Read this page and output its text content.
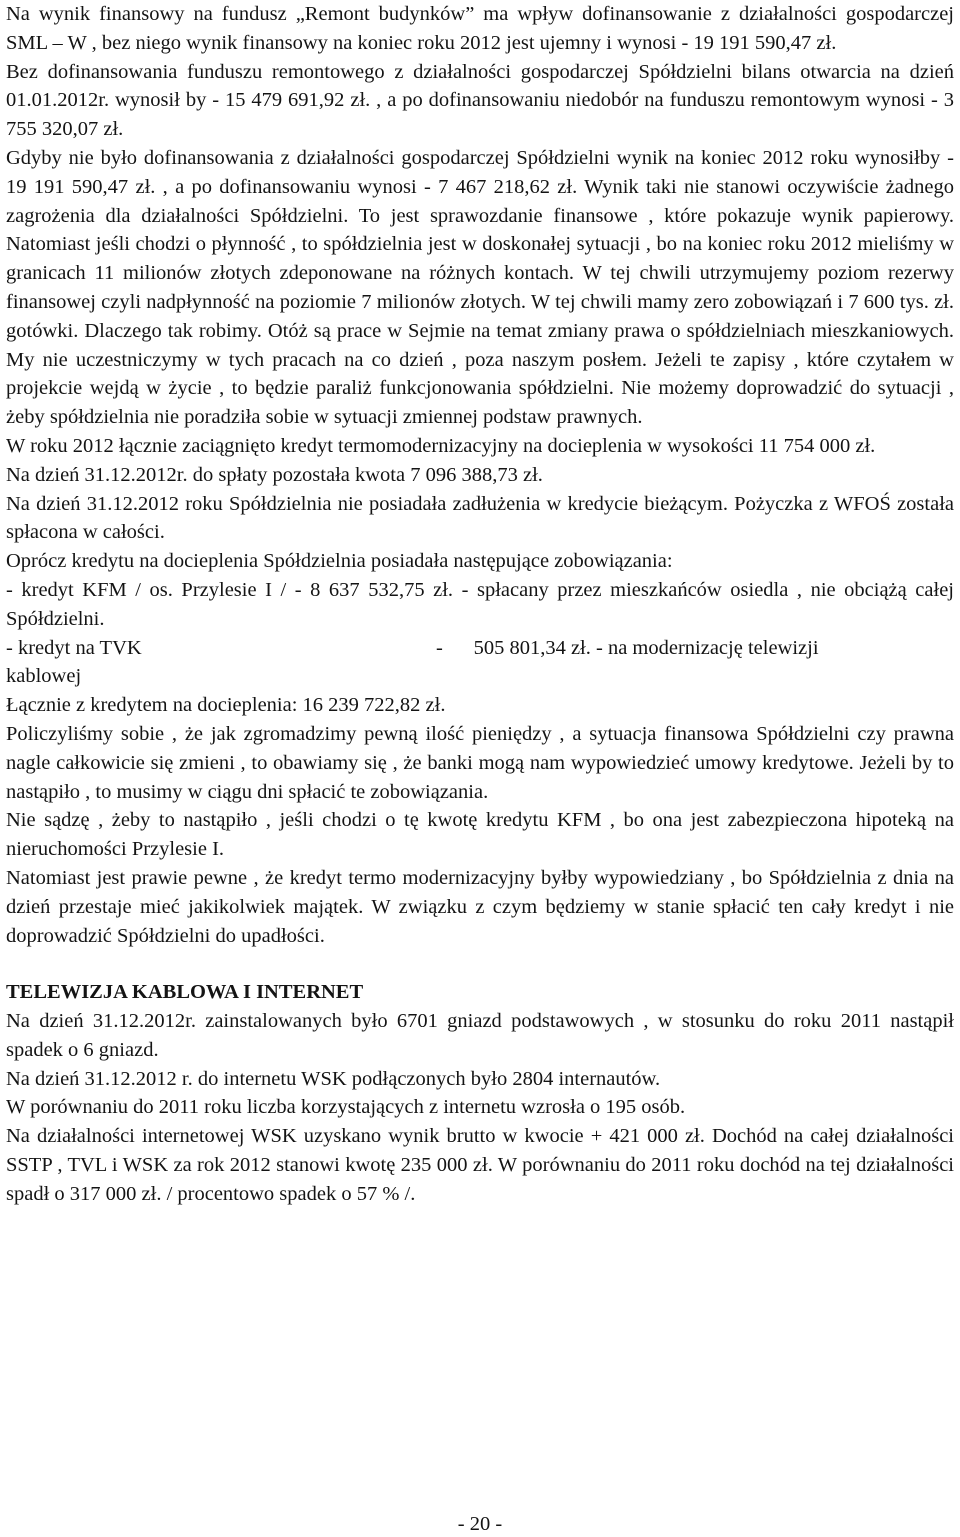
Na wynik finansowy na fundusz „Remont budynków” ma wpływ dofinansowanie z działalności gospodarczej SML – W , bez niego wynik finansowy na koniec roku 2012 jest ujemny i wynosi - 19 191 590,47 zł.

Bez dofinansowania funduszu remontowego z działalności gospodarczej Spółdzielni bilans otwarcia na dzień 01.01.2012r. wynosił by - 15 479 691,92 zł. , a po dofinansowaniu niedobór na funduszu remontowym wynosi - 3 755 320,07 zł.

Gdyby nie było dofinansowania z działalności gospodarczej Spółdzielni wynik na koniec 2012 roku wynosiłby - 19 191 590,47 zł. , a po dofinansowaniu wynosi - 7 467 218,62 zł. Wynik taki nie stanowi oczywiście żadnego zagrożenia dla działalności Spółdzielni. To jest sprawozdanie finansowe , które pokazuje wynik papierowy. Natomiast jeśli chodzi o płynność , to spółdzielnia jest w doskonałej sytuacji , bo na koniec roku 2012 mieliśmy w granicach 11 milionów złotych zdeponowane na różnych kontach. W tej chwili utrzymujemy poziom rezerwy finansowej czyli nadpłynność na poziomie 7 milionów złotych. W tej chwili mamy zero zobowiązań i 7 600 tys. zł. gotówki. Dlaczego tak robimy. Otóż są prace w Sejmie na temat zmiany prawa o spółdzielniach mieszkaniowych. My nie uczestniczymy w tych pracach na co dzień , poza naszym posłem. Jeżeli te zapisy , które czytałem w projekcie wejdą w życie , to będzie paraliż funkcjonowania spółdzielni. Nie możemy doprowadzić do sytuacji , żeby spółdzielnia nie poradziła sobie w sytuacji zmiennej podstaw prawnych.

W roku 2012 łącznie zaciągnięto kredyt termomodernizacyjny na docieplenia w wysokości 11 754 000 zł.

Na dzień 31.12.2012r. do spłaty pozostała kwota 7 096 388,73 zł.

Na dzień 31.12.2012 roku Spółdzielnia nie posiadała zadłużenia w kredycie bieżącym. Pożyczka z WFOŚ została spłacona w całości.

Oprócz kredytu na docieplenia Spółdzielnia posiadała następujące zobowiązania:

- kredyt KFM / os. Przylesie I / - 8 637 532,75 zł. - spłacany przez mieszkańców osiedla , nie obciążą całej Spółdzielni.

- kredyt na TVK	-      505 801,34 zł. - na modernizację telewizji

kablowej

Łącznie z kredytem na docieplenia: 16 239 722,82 zł.

Policzyliśmy sobie , że jak zgromadzimy pewną ilość pieniędzy , a sytuacja finansowa Spółdzielni czy prawna nagle całkowicie się zmieni , to obawiamy się , że banki mogą nam wypowiedzieć umowy kredytowe. Jeżeli by to nastąpiło , to musimy w ciągu dni spłacić te zobowiązania.

Nie sądzę , żeby to nastąpiło , jeśli chodzi o tę kwotę kredytu KFM , bo ona jest zabezpieczona hipoteką na nieruchomości Przylesie I.

Natomiast jest prawie pewne , że kredyt termo modernizacyjny byłby wypowiedziany , bo Spółdzielnia z dnia na dzień przestaje mieć jakikolwiek majątek. W związku z czym będziemy w stanie spłacić ten cały kredyt i nie doprowadzić Spółdzielni do upadłości.

TELEWIZJA KABLOWA I INTERNET

Na dzień 31.12.2012r. zainstalowanych było 6701 gniazd podstawowych , w stosunku do roku 2011 nastąpił spadek o 6 gniazd.

Na dzień 31.12.2012 r. do internetu WSK podłączonych było 2804 internautów.

W porównaniu do 2011 roku liczba korzystających z internetu wzrosła o 195 osób.

Na działalności internetowej WSK uzyskano wynik brutto w kwocie + 421 000 zł. Dochód na całej działalności SSTP , TVL i WSK za rok 2012 stanowi kwotę 235 000 zł. W porównaniu do 2011 roku dochód na tej działalności spadł o 317 000 zł. / procentowo spadek o 57 % /.

- 20 -
